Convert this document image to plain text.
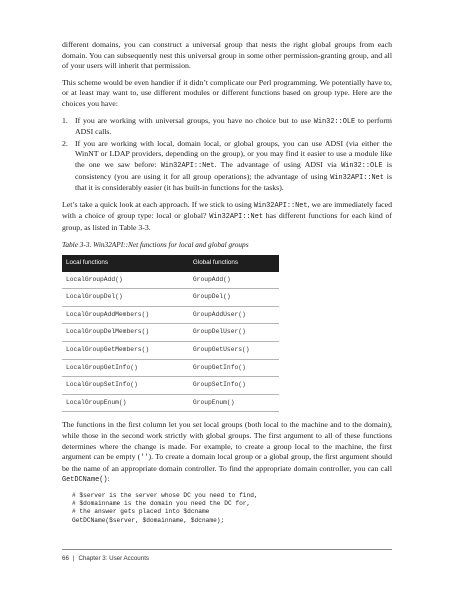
different domains, you can construct a universal group that nests the right global groups from each domain. You can subsequently nest this universal group in some other permission-granting group, and all of your users will inherit that permission.

This scheme would be even handier if it didn’t complicate our Perl programming. We potentially have to, or at least may want to, use different modules or different functions based on group type. Here are the choices you have:

1. If you are working with universal groups, you have no choice but to use Win32::OLE to perform ADSI calls.
2. If you are working with local, domain local, or global groups, you can use ADSI (via either the WinNT or LDAP providers, depending on the group), or you may find it easier to use a module like the one we saw before: Win32API::Net. The advantage of using ADSI via Win32::OLE is consistency (you are using it for all group operations); the advantage of using Win32API::Net is that it is considerably easier (it has built-in functions for the tasks).

Let’s take a quick look at each approach. If we stick to using Win32API::Net, we are immediately faced with a choice of group type: local or global? Win32API::Net has different functions for each kind of group, as listed in Table 3-3.

Table 3-3. Win32API::Net functions for local and global groups
Local functions	Global functions
LocalGroupAdd()	GroupAdd()
LocalGroupDel()	GroupDel()
LocalGroupAddMembers()	GroupAddUser()
LocalGroupDelMembers()	GroupDelUser()
LocalGroupGetMembers()	GroupGetUsers()
LocalGroupGetInfo()	GroupGetInfo()
LocalGroupSetInfo()	GroupSetInfo()
LocalGroupEnum()	GroupEnum()

The functions in the first column let you set local groups (both local to the machine and to the domain), while those in the second work strictly with global groups. The first argument to all of these functions determines where the change is made. For example, to create a group local to the machine, the first argument can be empty (''). To create a domain local group or a global group, the first argument should be the name of an appropriate domain controller. To find the appropriate domain controller, you can call GetDCName():

# $server is the server whose DC you need to find,
# $domainname is the domain you need the DC for,
# the answer gets placed into $dcname
GetDCName($server, $domainname, $dcname);
66 | Chapter 3: User Accounts
